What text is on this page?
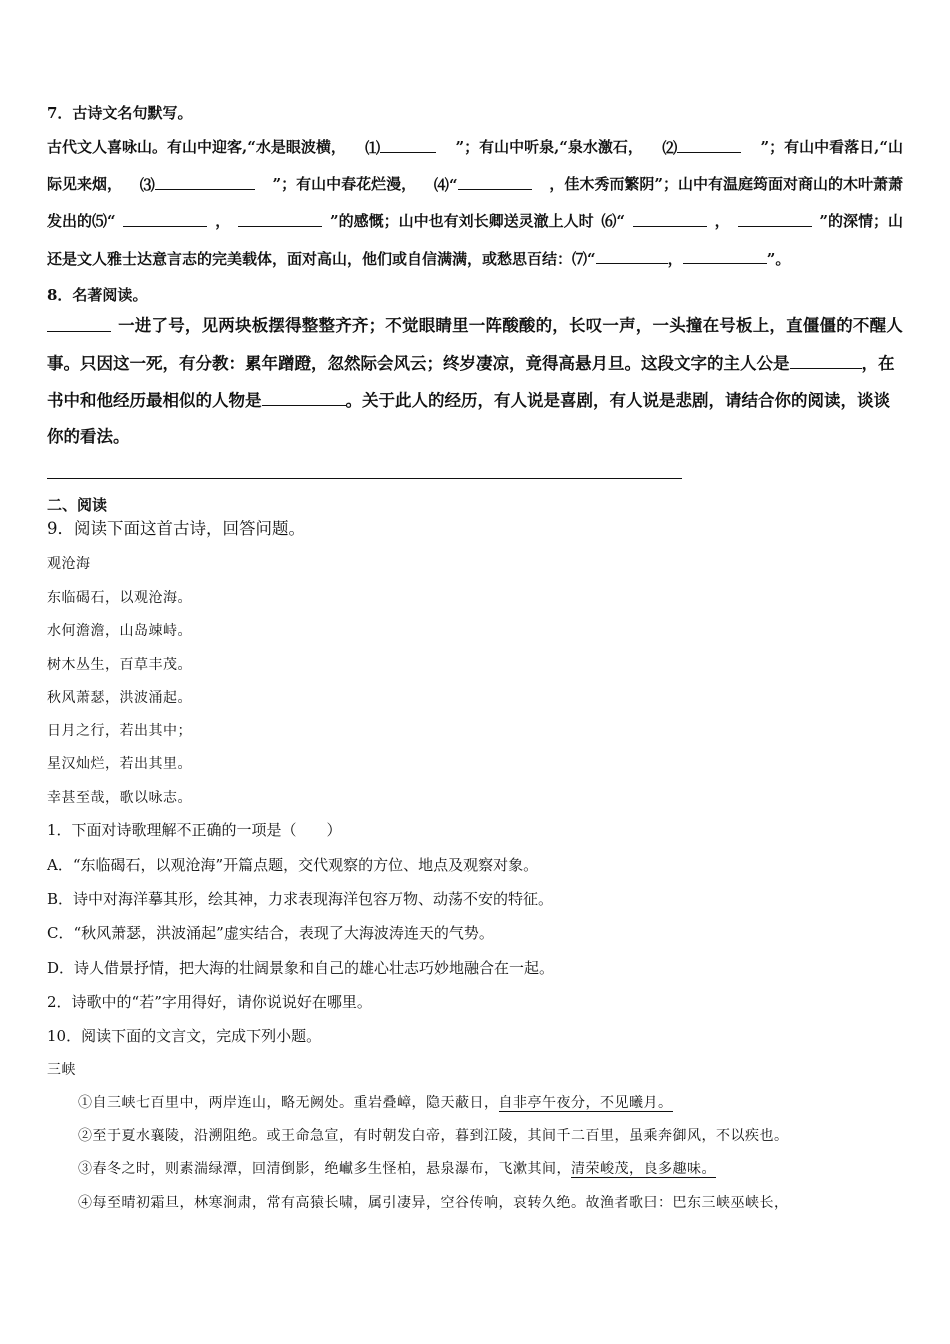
7．古诗文名句默写。
古代文人喜咏山。有山中迎客,“水是眼波横， ⑴	”；有山中听泉,“泉水激石， ⑵	”；有山中看落日,“山
际见来烟， ⑶	”；有山中春花烂漫， ⑷“	，佳木秀而繁阴”；山中有温庭筠面对商山的木叶萧萧
发出的⑸“	，	”的感慨；山中也有刘长卿送灵澈上人时 ⑹“	，	”的深情；山
还是文人雅士达意言志的完美载体，面对高山，他们或自信满满，或愁思百结：⑺“	，	”。
8．名著阅读。
一进了号，见两块板摆得整整齐齐；不觉眼睛里一阵酸酸的，长叹一声，一头撞在号板上，直僵僵的不醒人
事。只因这一死，有分教：累年蹭蹬，忽然际会风云；终岁凄凉，竟得高悬月旦。这段文字的主人公是	，在
书中和他经历最相似的人物是	。关于此人的经历，有人说是喜剧，有人说是悲剧，请结合你的阅读，谈谈
你的看法。
二、阅读
9．阅读下面这首古诗，回答问题。
观沧海
东临碣石，以观沧海。
水何澹澹，山岛竦峙。
树木丛生，百草丰茂。
秋风萧瑟，洪波涌起。
日月之行，若出其中；
星汉灿烂，若出其里。
幸甚至哉，歌以咏志。
1．下面对诗歌理解不正确的一项是（　　）
A．“东临碣石，以观沧海”开篇点题，交代观察的方位、地点及观察对象。
B．诗中对海洋摹其形，绘其神，力求表现海洋包容万物、动荡不安的特征。
C．“秋风萧瑟，洪波涌起”虚实结合，表现了大海波涛连天的气势。
D．诗人借景抒情，把大海的壮阔景象和自己的雄心壮志巧妙地融合在一起。
2．诗歌中的“若”字用得好，请你说说好在哪里。
10．阅读下面的文言文，完成下列小题。
三峡
①自三峡七百里中，两岸连山，略无阙处。重岩叠嶂，隐天蔽日，自非亭午夜分，不见曦月。
②至于夏水襄陵，沿溯阻绝。或王命急宣，有时朝发白帝，暮到江陵，其间千二百里，虽乘奔御风，不以疾也。
③春冬之时，则素湍绿潭，回清倒影，绝𪩘多生怪柏，悬泉瀑布，飞漱其间，清荣峻茂，良多趣味。
④每至晴初霜旦，林寒涧肃，常有高猿长啸，属引凄异，空谷传响，哀转久绝。故渔者歌曰：巴东三峡巫峡长，
